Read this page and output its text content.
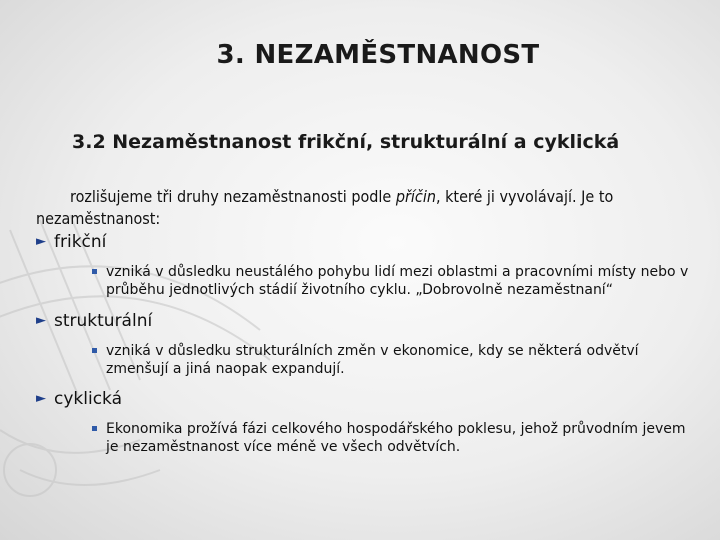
3. NEZAMĚSTNANOST
3.2 Nezaměstnanost frikční, strukturální a cyklická

rozlišujeme tři druhy nezaměstnanosti podle příčin, které ji vyvolávají. Je to nezaměstnanost:

► frikční

vzniká v důsledku neustálého pohybu lidí mezi oblastmi a pracovními místy nebo v průběhu jednotlivých stádií životního cyklu. „Dobrovolně nezaměstnaní“

► strukturální

vzniká v důsledku strukturálních změn v ekonomice, kdy se některá odvětví zmenšují a jiná naopak expandují.

► cyklická

Ekonomika prožívá fázi celkového hospodářského poklesu, jehož průvodním jevem je nezaměstnanost více méně ve všech odvětvích.
